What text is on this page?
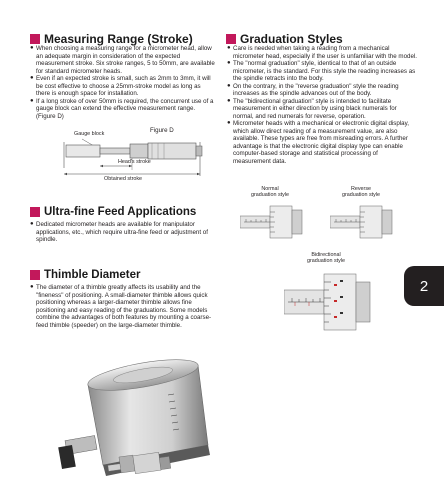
Measuring Range (Stroke)
● When choosing a measuring range for a micrometer head, allow an adequate margin in consideration of the expected measurement stroke. Six stroke ranges, 5 to 50mm, are available for standard micrometer heads.
● Even if an expected stroke is small, such as 2mm to 3mm, it will be cost effective to choose a 25mm-stroke model as long as there is enough space for installation.
● If a long stroke of over 50mm is required, the concurrent use of a gauge block can extend the effective measurement range. (Figure D)
Figure D
Gauge block
Head's stroke
Obtained stroke
Ultra-fine Feed Applications
● Dedicated micrometer heads are available for manipulator applications, etc., which require ultra-fine feed or adjustment of spindle.
Thimble Diameter
● The diameter of a thimble greatly affects its usability and the "fineness" of positioning. A small-diameter thimble allows quick positioning whereas a larger-diameter thimble allows fine positioning and easy reading of the graduations. Some models combine the advantages of both features by mounting a coarse-feed thimble (speeder) on the large-diameter thimble.
Graduation Styles
● Care is needed when taking a reading from a mechanical micrometer head, especially if the user is unfamiliar with the model.
● The "normal graduation" style, identical to that of an outside micrometer, is the standard. For this style the reading increases as the spindle retracts into the body.
● On the contrary, in the "reverse graduation" style the reading increases as the spindle advances out of the body.
● The "bidirectional graduation" style is intended to facilitate measurement in either direction by using black numerals for normal, and red numerals for reverse, operation.
● Micrometer heads with a mechanical or electronic digital display, which allow direct reading of a measurement value, are also available. These types are free from misreading errors. A further advantage is that the electronic digital display type can enable computer-based storage and statistical processing of measurement data.
Normal
graduation style
Reverse
graduation style
Bidirectional
graduation style
2
